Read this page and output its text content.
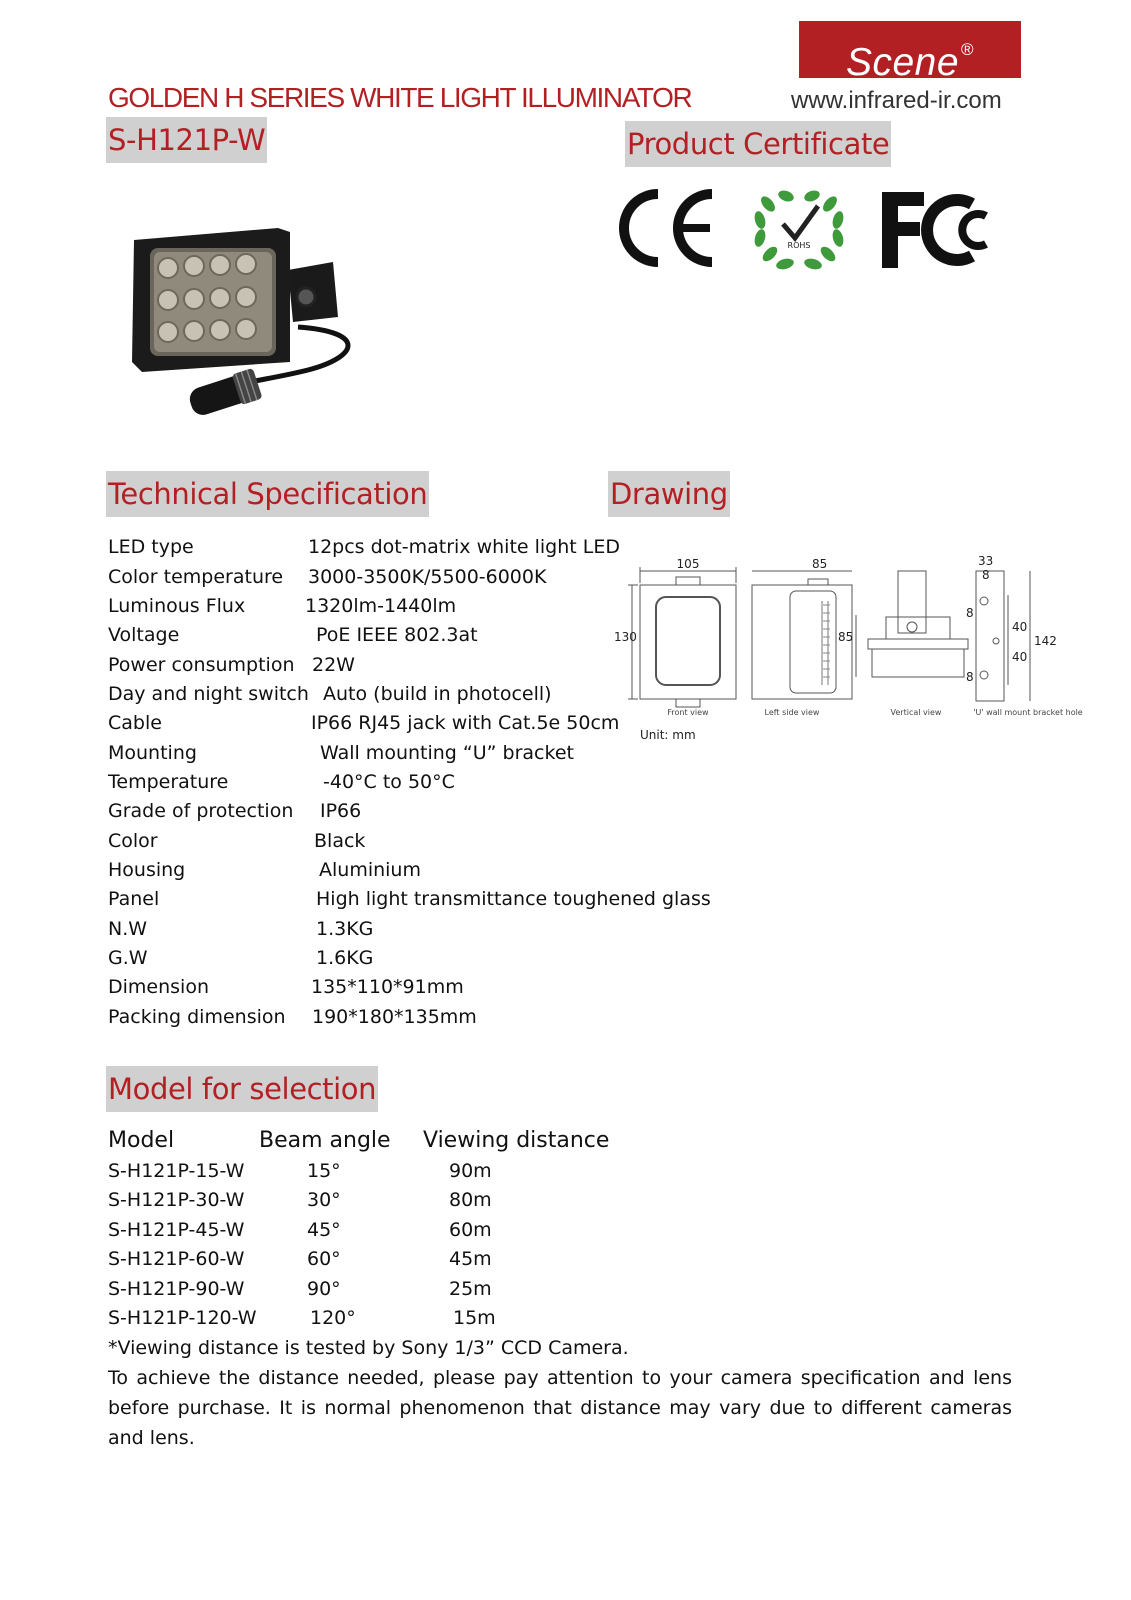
Scene ®
GOLDEN H SERIES WHITE LIGHT ILLUMINATOR	www.infrared-ir.com
S-H121P-W	Product Certificate
ROHS
Technical Specification	Drawing
LED type	12pcs dot-matrix white light LED
Color temperature 3000-3500K/5500-6000K
Luminous Flux	1320lm-1440lm
Voltage	PoE IEEE 802.3at
Power consumption 22W
Day and night switch Auto (build in photocell)
Cable	IP66 RJ45 jack with Cat.5e 50cm
Mounting	Wall mounting “U” bracket
Temperature	-40°C to 50°C
Grade of protection IP66
Color	Black
Housing	Aluminium
Panel	High light transmittance toughened glass
N.W	1.3KG
G.W	1.6KG
Dimension	135*110*91mm
Packing dimension 190*180*135mm
105
130
Front view
85
Left side view
85
Vertical view
33
8
8
40
142
40
8
'U' wall mount bracket hole
Unit: mm
Model for selection
Model	Beam angle Viewing distance
S-H121P-15-W	15°	90m
S-H121P-30-W	30°	80m
S-H121P-45-W	45°	60m
S-H121P-60-W	60°	45m
S-H121P-90-W	90°	25m
S-H121P-120-W	120°	15m
*Viewing distance is tested by Sony 1/3” CCD Camera.
To achieve the distance needed, please pay attention to your camera specification and lens before purchase. It is normal phenomenon that distance may vary due to different cameras and lens.
